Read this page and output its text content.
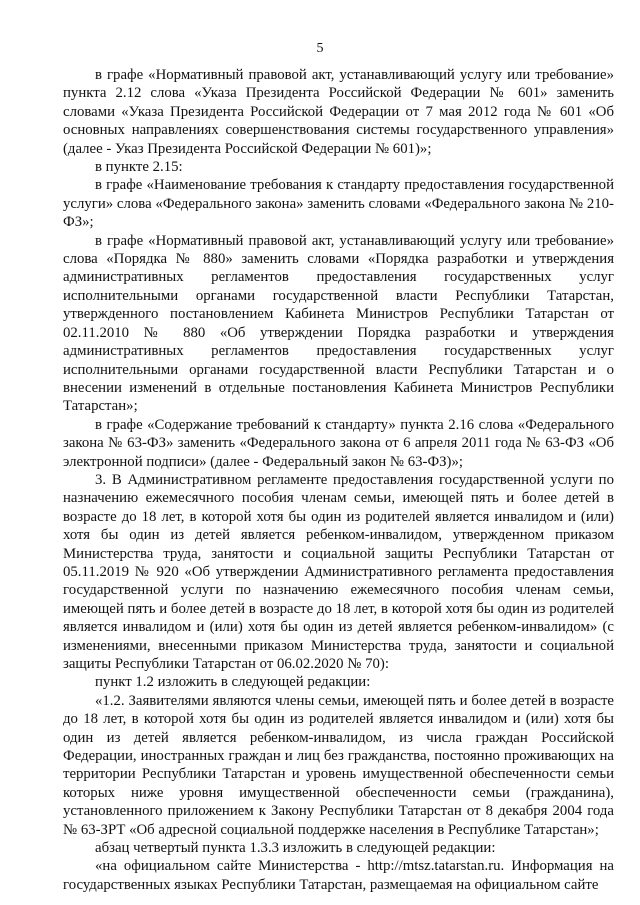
5

в графе «Нормативный правовой акт, устанавливающий услугу или требование» пункта 2.12 слова «Указа Президента Российской Федерации № 601» заменить словами «Указа Президента Российской Федерации от 7 мая 2012 года № 601 «Об основных направлениях совершенствования системы государственного управления» (далее - Указ Президента Российской Федерации № 601)»;

в пункте 2.15:

в графе «Наименование требования к стандарту предоставления государственной услуги» слова «Федерального закона» заменить словами «Федерального закона № 210-ФЗ»;

в графе «Нормативный правовой акт, устанавливающий услугу или требование» слова «Порядка № 880» заменить словами «Порядка разработки и утверждения административных регламентов предоставления государственных услуг исполнительными органами государственной власти Республики Татарстан, утвержденного постановлением Кабинета Министров Республики Татарстан от 02.11.2010 № 880 «Об утверждении Порядка разработки и утверждения административных регламентов предоставления государственных услуг исполнительными органами государственной власти Республики Татарстан и о внесении изменений в отдельные постановления Кабинета Министров Республики Татарстан»;

в графе «Содержание требований к стандарту» пункта 2.16 слова «Федерального закона № 63-ФЗ» заменить «Федерального закона от 6 апреля 2011 года № 63-ФЗ «Об электронной подписи» (далее - Федеральный закон № 63-ФЗ)»;

3. В Административном регламенте предоставления государственной услуги по назначению ежемесячного пособия членам семьи, имеющей пять и более детей в возрасте до 18 лет, в которой хотя бы один из родителей является инвалидом и (или) хотя бы один из детей является ребенком-инвалидом, утвержденном приказом Министерства труда, занятости и социальной защиты Республики Татарстан от 05.11.2019 № 920 «Об утверждении Административного регламента предоставления государственной услуги по назначению ежемесячного пособия членам семьи, имеющей пять и более детей в возрасте до 18 лет, в которой хотя бы один из родителей является инвалидом и (или) хотя бы один из детей является ребенком-инвалидом» (с изменениями, внесенными приказом Министерства труда, занятости и социальной защиты Республики Татарстан от 06.02.2020 № 70):

пункт 1.2 изложить в следующей редакции:

«1.2. Заявителями являются члены семьи, имеющей пять и более детей в возрасте до 18 лет, в которой хотя бы один из родителей является инвалидом и (или) хотя бы один из детей является ребенком-инвалидом, из числа граждан Российской Федерации, иностранных граждан и лиц без гражданства, постоянно проживающих на территории Республики Татарстан и уровень имущественной обеспеченности семьи которых ниже уровня имущественной обеспеченности семьи (гражданина), установленного приложением к Закону Республики Татарстан от 8 декабря 2004 года № 63-ЗРТ «Об адресной социальной поддержке населения в Республике Татарстан»;

абзац четвертый пункта 1.3.3 изложить в следующей редакции:

«на официальном сайте Министерства - http://mtsz.tatarstan.ru. Информация на государственных языках Республики Татарстан, размещаемая на официальном сайте
